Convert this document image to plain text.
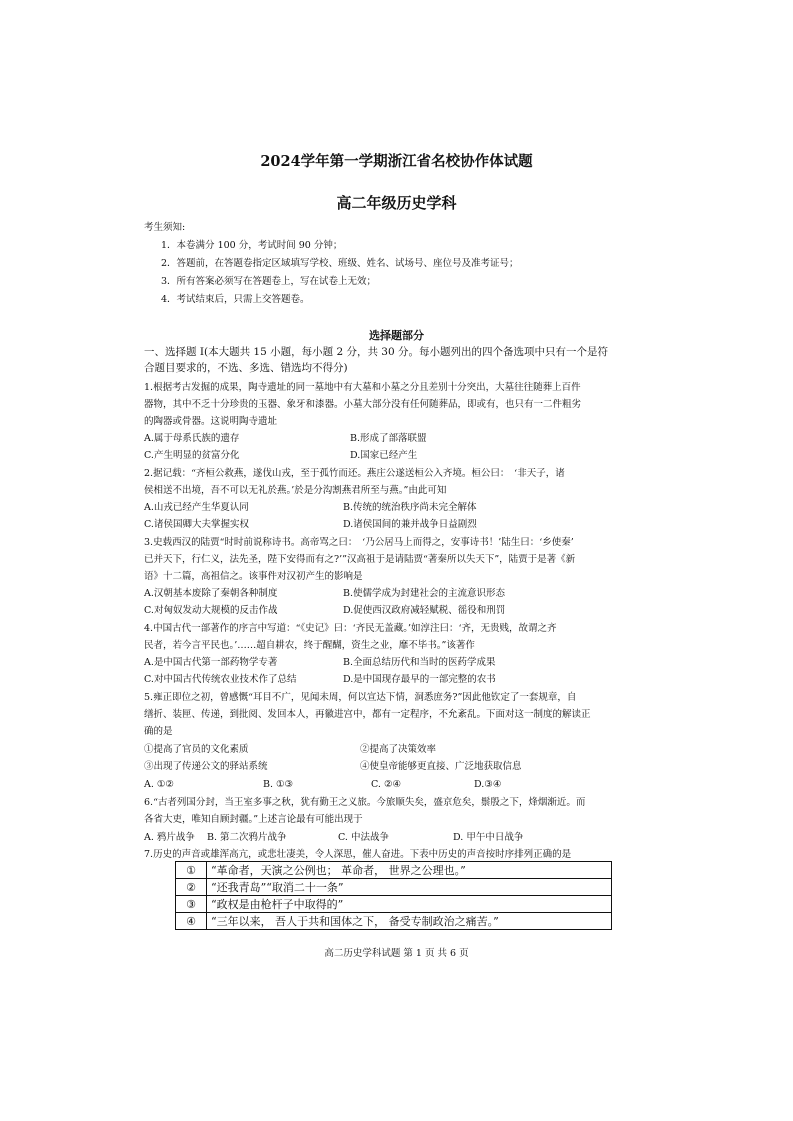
2024学年第一学期浙江省名校协作体试题
高二年级历史学科
考生须知:
1．本卷满分 100 分，考试时间 90 分钟；
2．答题前，在答题卷指定区域填写学校、班级、姓名、试场号、座位号及准考证号；
3．所有答案必须写在答题卷上，写在试卷上无效；
4．考试结束后，只需上交答题卷。
选择题部分
一、选择题 Ⅰ(本大题共 15 小题，每小题 2 分，共 30 分。每小题列出的四个备选项中只有一个是符
合题目要求的，不选、多选、错选均不得分)
1.根据考古发掘的成果，陶寺遗址的同一墓地中有大墓和小墓之分且差别十分突出，大墓往往随葬上百件
器物，其中不乏十分珍贵的玉器、象牙和漆器。小墓大部分没有任何随葬品，即或有，也只有一二件粗劣
的陶器或骨器。这说明陶寺遗址
A.属于母系氏族的遗存	B.形成了部落联盟
C.产生明显的贫富分化	D.国家已经产生
2.据记载：“齐桓公救燕，遂伐山戎，至于孤竹而还。燕庄公遂送桓公入齐境。桓公曰：　‘非天子，诸
侯相送不出境，吾不可以无礼於燕。’於是分沟割燕君所至与燕。”由此可知
A.山戎已经产生华夏认同	B.传统的统治秩序尚未完全解体
C.诸侯国卿大夫掌握实权	D.诸侯国间的兼并战争日益剧烈
3.史载西汉的陆贾“时时前说称诗书。高帝骂之曰：　‘乃公居马上而得之，安事诗书！’陆生曰：‘乡使秦’
已并天下，行仁义，法先圣，陛下安得而有之?’”汉高祖于是请陆贾“著秦所以失天下”，陆贾于是著《新
语》十二篇，高祖信之。该事件对汉初产生的影响是
A.汉朝基本废除了秦朝各种制度	B.使儒学成为封建社会的主流意识形态
C.对匈奴发动大规模的反击作战	D.促使西汉政府减轻赋税、徭役和刑罚
4.中国古代一部著作的序言中写道：“《史记》曰：‘齐民无盖藏。’如淳注曰：‘齐，无贵贱，故谓之齐
民者，若今言平民也。’……超自耕农，终于醒醐，资生之业，靡不毕书。”该著作
A.是中国古代第一部药物学专著	B.全面总结历代和当时的医药学成果
C.对中国古代传统农业技术作了总结	D.是中国现存最早的一部完整的农书
5.雍正即位之初，曾感慨“耳目不广，见闻未周，何以宣达下情，洞悉庶务?”因此他钦定了一套规章，自
缮折、装匣、传递，到批阅、发回本人，再徽进宫中，都有一定程序，不允紊乱。下面对这一制度的解读正
确的是
①提高了官员的文化素质	②提高了决策效率
③出现了传递公文的驿站系统	④使皇帝能够更直接、广泛地获取信息
A. ①②	B. ①③	C. ②④	D.③④
6.“古者列国分封，当王室多事之秋，犹有勤王之义旅。今旅顺失矣，盛京危矣，鬃殷之下，烽烟渐近。而
各省大吏，唯知自顾封疆。”上述言论最有可能出现于
A. 鸦片战争 B. 第二次鸦片战争	C. 中法战争	D. 甲午中日战争
7.历史的声音或雄浑高亢，或悲壮凄美，令人深思，催人奋进。下表中历史的声音按时序排列正确的是
①	“革命者，天演之公例也； 革命者， 世界之公理也。”
②	“还我青岛”“取消二十一条”
③	“政权是由枪杆子中取得的”
④	“三年以来， 吾人于共和国体之下， 备受专制政治之痛苦。”
高二历史学科试题 第 1 页 共 6 页
